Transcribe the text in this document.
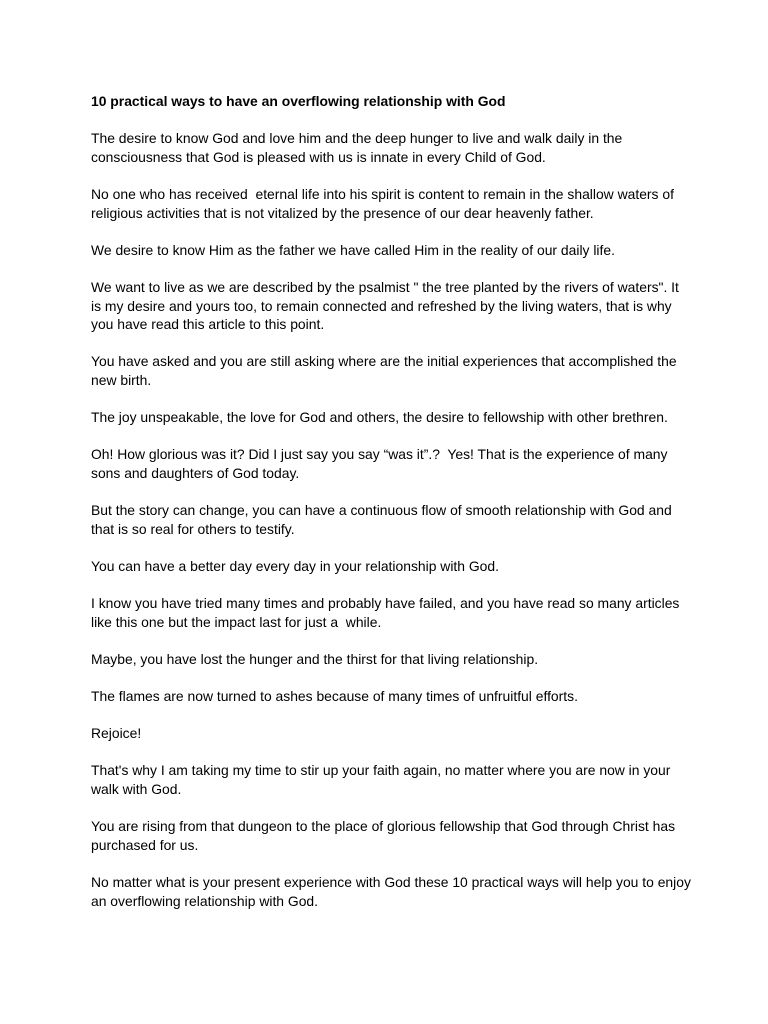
10 practical ways to have an overflowing relationship with God

The desire to know God and love him and the deep hunger to live and walk daily in the consciousness that God is pleased with us is innate in every Child of God.

No one who has received  eternal life into his spirit is content to remain in the shallow waters of religious activities that is not vitalized by the presence of our dear heavenly father.

We desire to know Him as the father we have called Him in the reality of our daily life.

We want to live as we are described by the psalmist " the tree planted by the rivers of waters". It is my desire and yours too, to remain connected and refreshed by the living waters, that is why you have read this article to this point.

You have asked and you are still asking where are the initial experiences that accomplished the new birth.

The joy unspeakable, the love for God and others, the desire to fellowship with other brethren.

Oh! How glorious was it? Did I just say you say “was it”.?  Yes! That is the experience of many sons and daughters of God today.

But the story can change, you can have a continuous flow of smooth relationship with God and that is so real for others to testify.

You can have a better day every day in your relationship with God.

I know you have tried many times and probably have failed, and you have read so many articles like this one but the impact last for just a  while.

Maybe, you have lost the hunger and the thirst for that living relationship.

The flames are now turned to ashes because of many times of unfruitful efforts.

Rejoice!

That's why I am taking my time to stir up your faith again, no matter where you are now in your walk with God.

You are rising from that dungeon to the place of glorious fellowship that God through Christ has purchased for us.

No matter what is your present experience with God these 10 practical ways will help you to enjoy an overflowing relationship with God.
